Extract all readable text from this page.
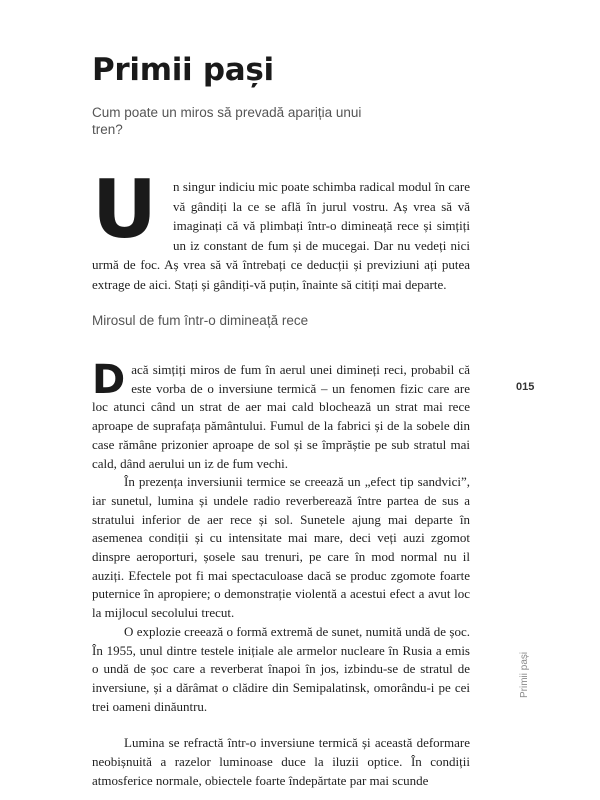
Primii pași

Cum poate un miros să prevadă apariția unui tren?

U n singur indiciu mic poate schimba radical modul în care vă gândiți la ce se află în jurul vostru. Aș vrea să vă imaginați că vă plimbați într-o dimineață rece și simțiți un iz constant de fum și de mucegai. Dar nu vedeți nici urmă de foc. Aș vrea să vă întrebați ce deducții și previziuni ați putea extrage de aici. Stați și gândiți-vă puțin, înainte să citiți mai departe.
Mirosul de fum într-o dimineață rece

Dacă simțiți miros de fum în aerul unei dimineți reci, probabil că este vorba de o inversiune termică – un fenomen fizic care are loc atunci când un strat de aer mai cald blochează un strat mai rece aproape de suprafața pământului. Fumul de la fabrici și de la sobele din case rămâne prizonier aproape de sol și se împrăștie pe sub stratul mai cald, dând aerului un iz de fum vechi.

În prezența inversiunii termice se creează un „efect tip sandvici”, iar sunetul, lumina și undele radio reverberează între partea de sus a stratului inferior de aer rece și sol. Sunetele ajung mai departe în asemenea condiții și cu intensitate mai mare, deci veți auzi zgomot dinspre aeroporturi, șosele sau trenuri, pe care în mod normal nu il auziți. Efectele pot fi mai spectaculoase dacă se produc zgomote foarte puternice în apropiere; o demonstrație violentă a acestui efect a avut loc la mijlocul secolului trecut.

O explozie creează o formă extremă de sunet, numită undă de șoc. În 1955, unul dintre testele inițiale ale armelor nucleare în Rusia a emis o undă de șoc care a reverberat înapoi în jos, izbindu-se de stratul de inversiune, și a dărâmat o clădire din Semipalatinsk, omorându-i pe cei trei oameni dinăuntru.

Lumina se refractă într-o inversiune termică și această deformare neobișnuită a razelor luminoase duce la iluzii optice. În condiții atmosferice normale, obiectele foarte îndepărtate par mai scunde

015
Primii pași
